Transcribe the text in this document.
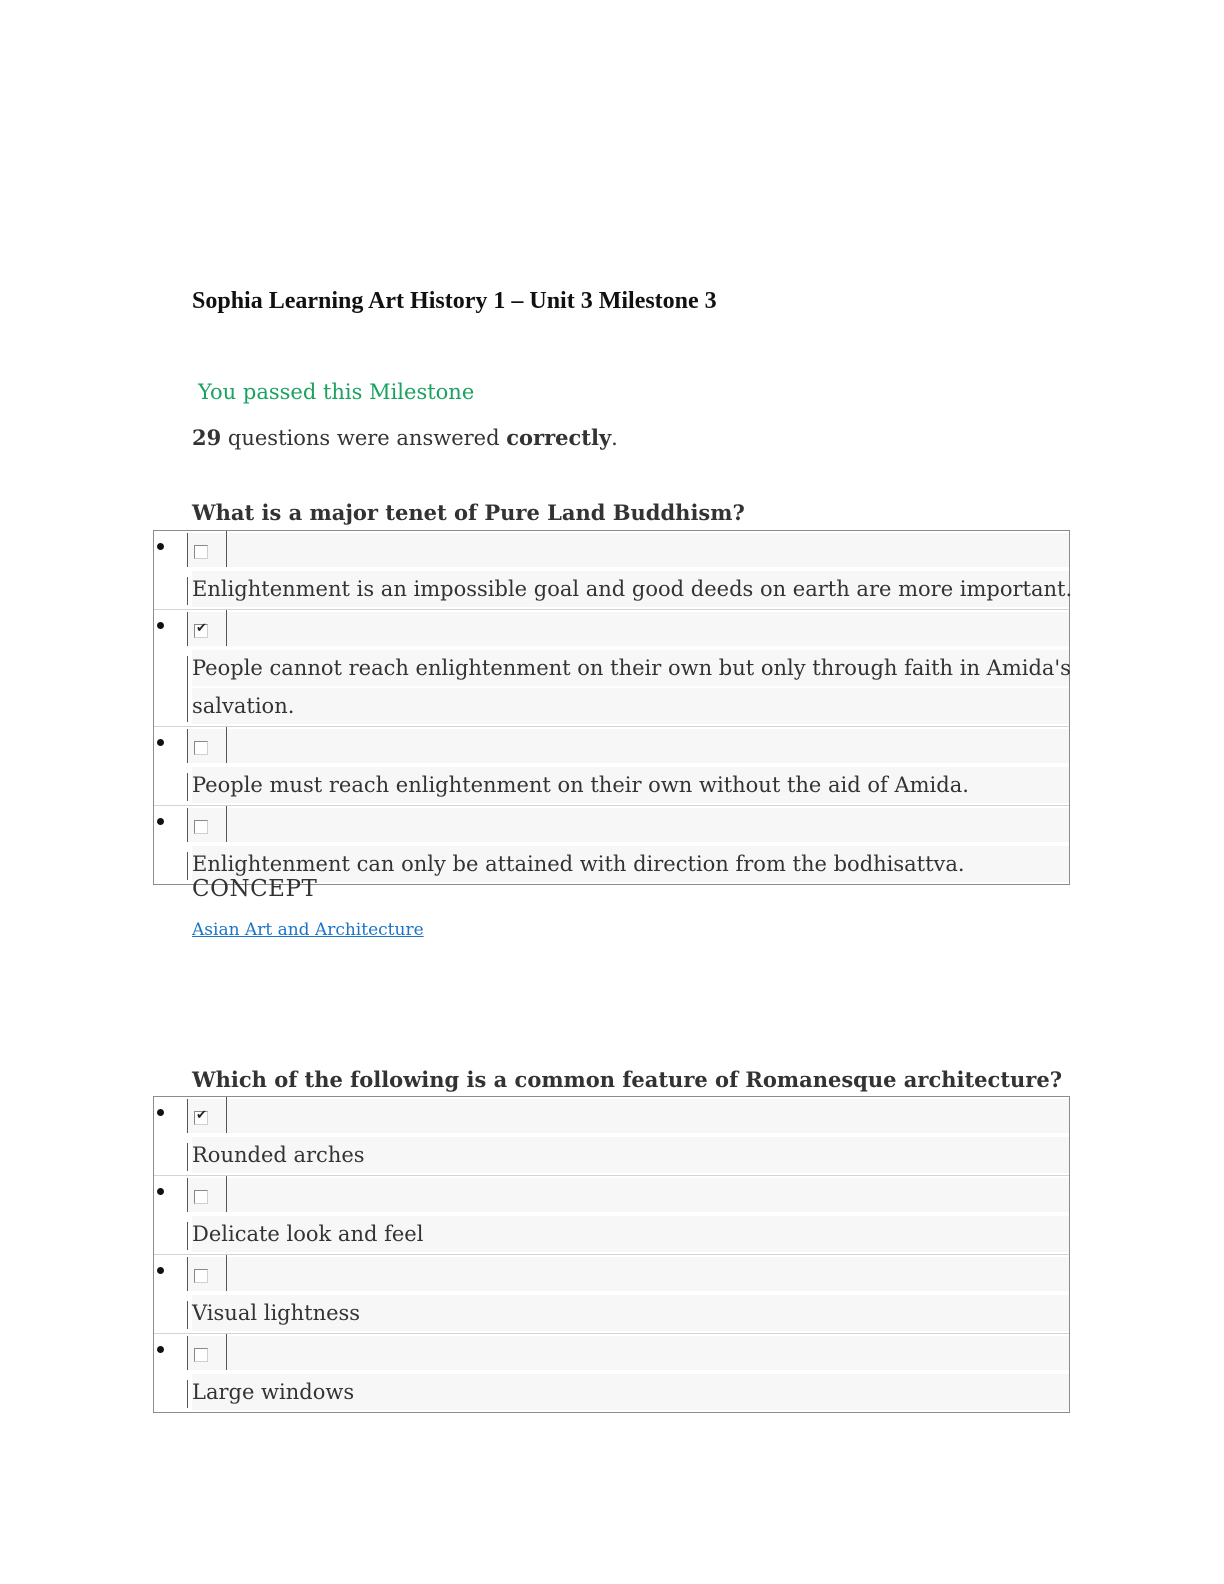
Sophia Learning Art History 1 – Unit 3 Milestone 3
You passed this Milestone
29 questions were answered correctly.
What is a major tenet of Pure Land Buddhism?
Enlightenment is an impossible goal and good deeds on earth are more important.
✔
People cannot reach enlightenment on their own but only through faith in Amida's
salvation.
People must reach enlightenment on their own without the aid of Amida.
Enlightenment can only be attained with direction from the bodhisattva.
CONCEPT
Asian Art and Architecture
Which of the following is a common feature of Romanesque architecture?
✔
Rounded arches
Delicate look and feel
Visual lightness
Large windows
